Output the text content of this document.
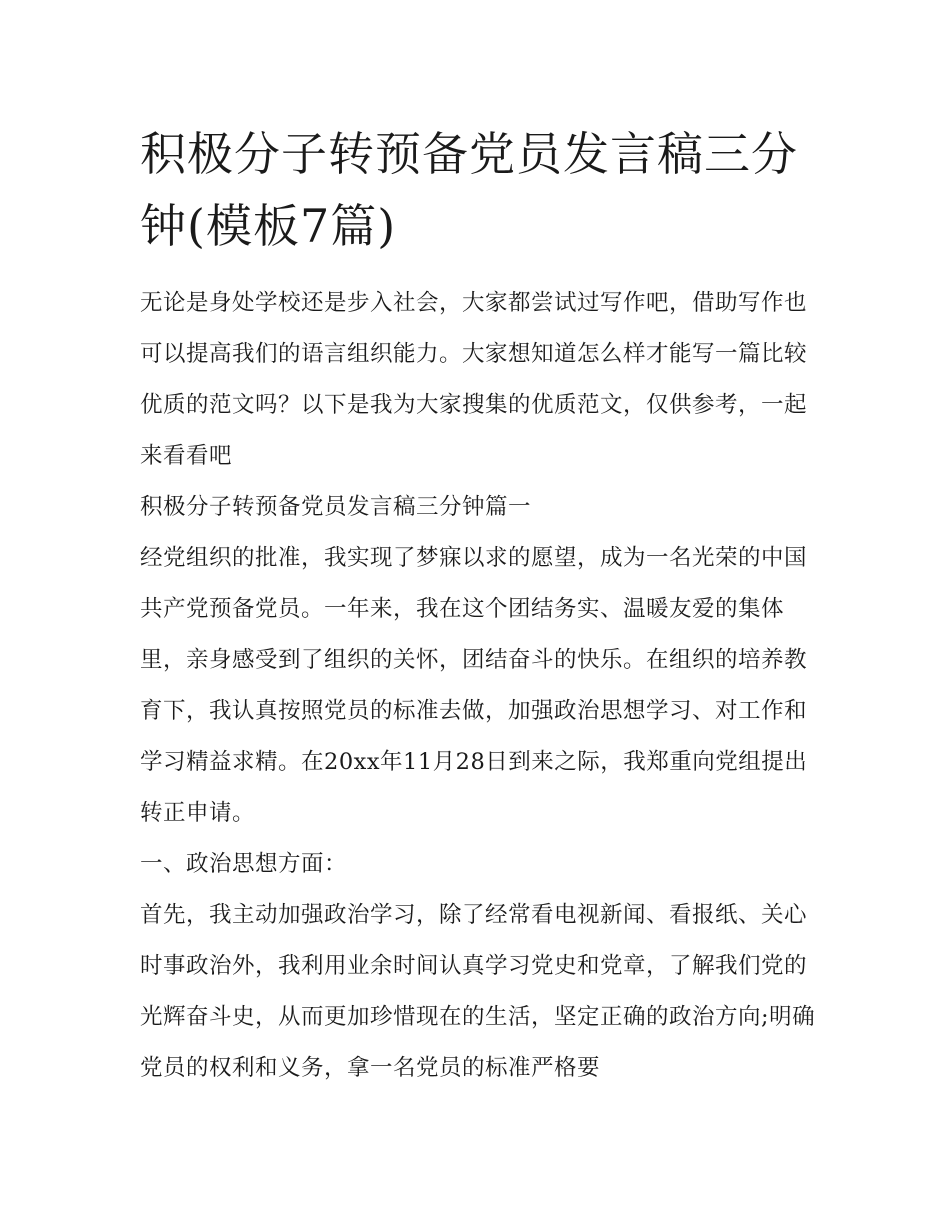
积极分子转预备党员发言稿三分钟(模板7篇)

无论是身处学校还是步入社会，大家都尝试过写作吧，借助写作也可以提高我们的语言组织能力。大家想知道怎么样才能写一篇比较优质的范文吗？以下是我为大家搜集的优质范文，仅供参考，一起来看看吧

积极分子转预备党员发言稿三分钟篇一

经党组织的批准，我实现了梦寐以求的愿望，成为一名光荣的中国共产党预备党员。一年来，我在这个团结务实、温暖友爱的集体里，亲身感受到了组织的关怀，团结奋斗的快乐。在组织的培养教育下，我认真按照党员的标准去做，加强政治思想学习、对工作和学习精益求精。在20xx年11月28日到来之际，我郑重向党组提出转正申请。

一、政治思想方面：

首先，我主动加强政治学习，除了经常看电视新闻、看报纸、关心时事政治外，我利用业余时间认真学习党史和党章，了解我们党的光辉奋斗史，从而更加珍惜现在的生活，坚定正确的政治方向;明确党员的权利和义务，拿一名党员的标准严格要
